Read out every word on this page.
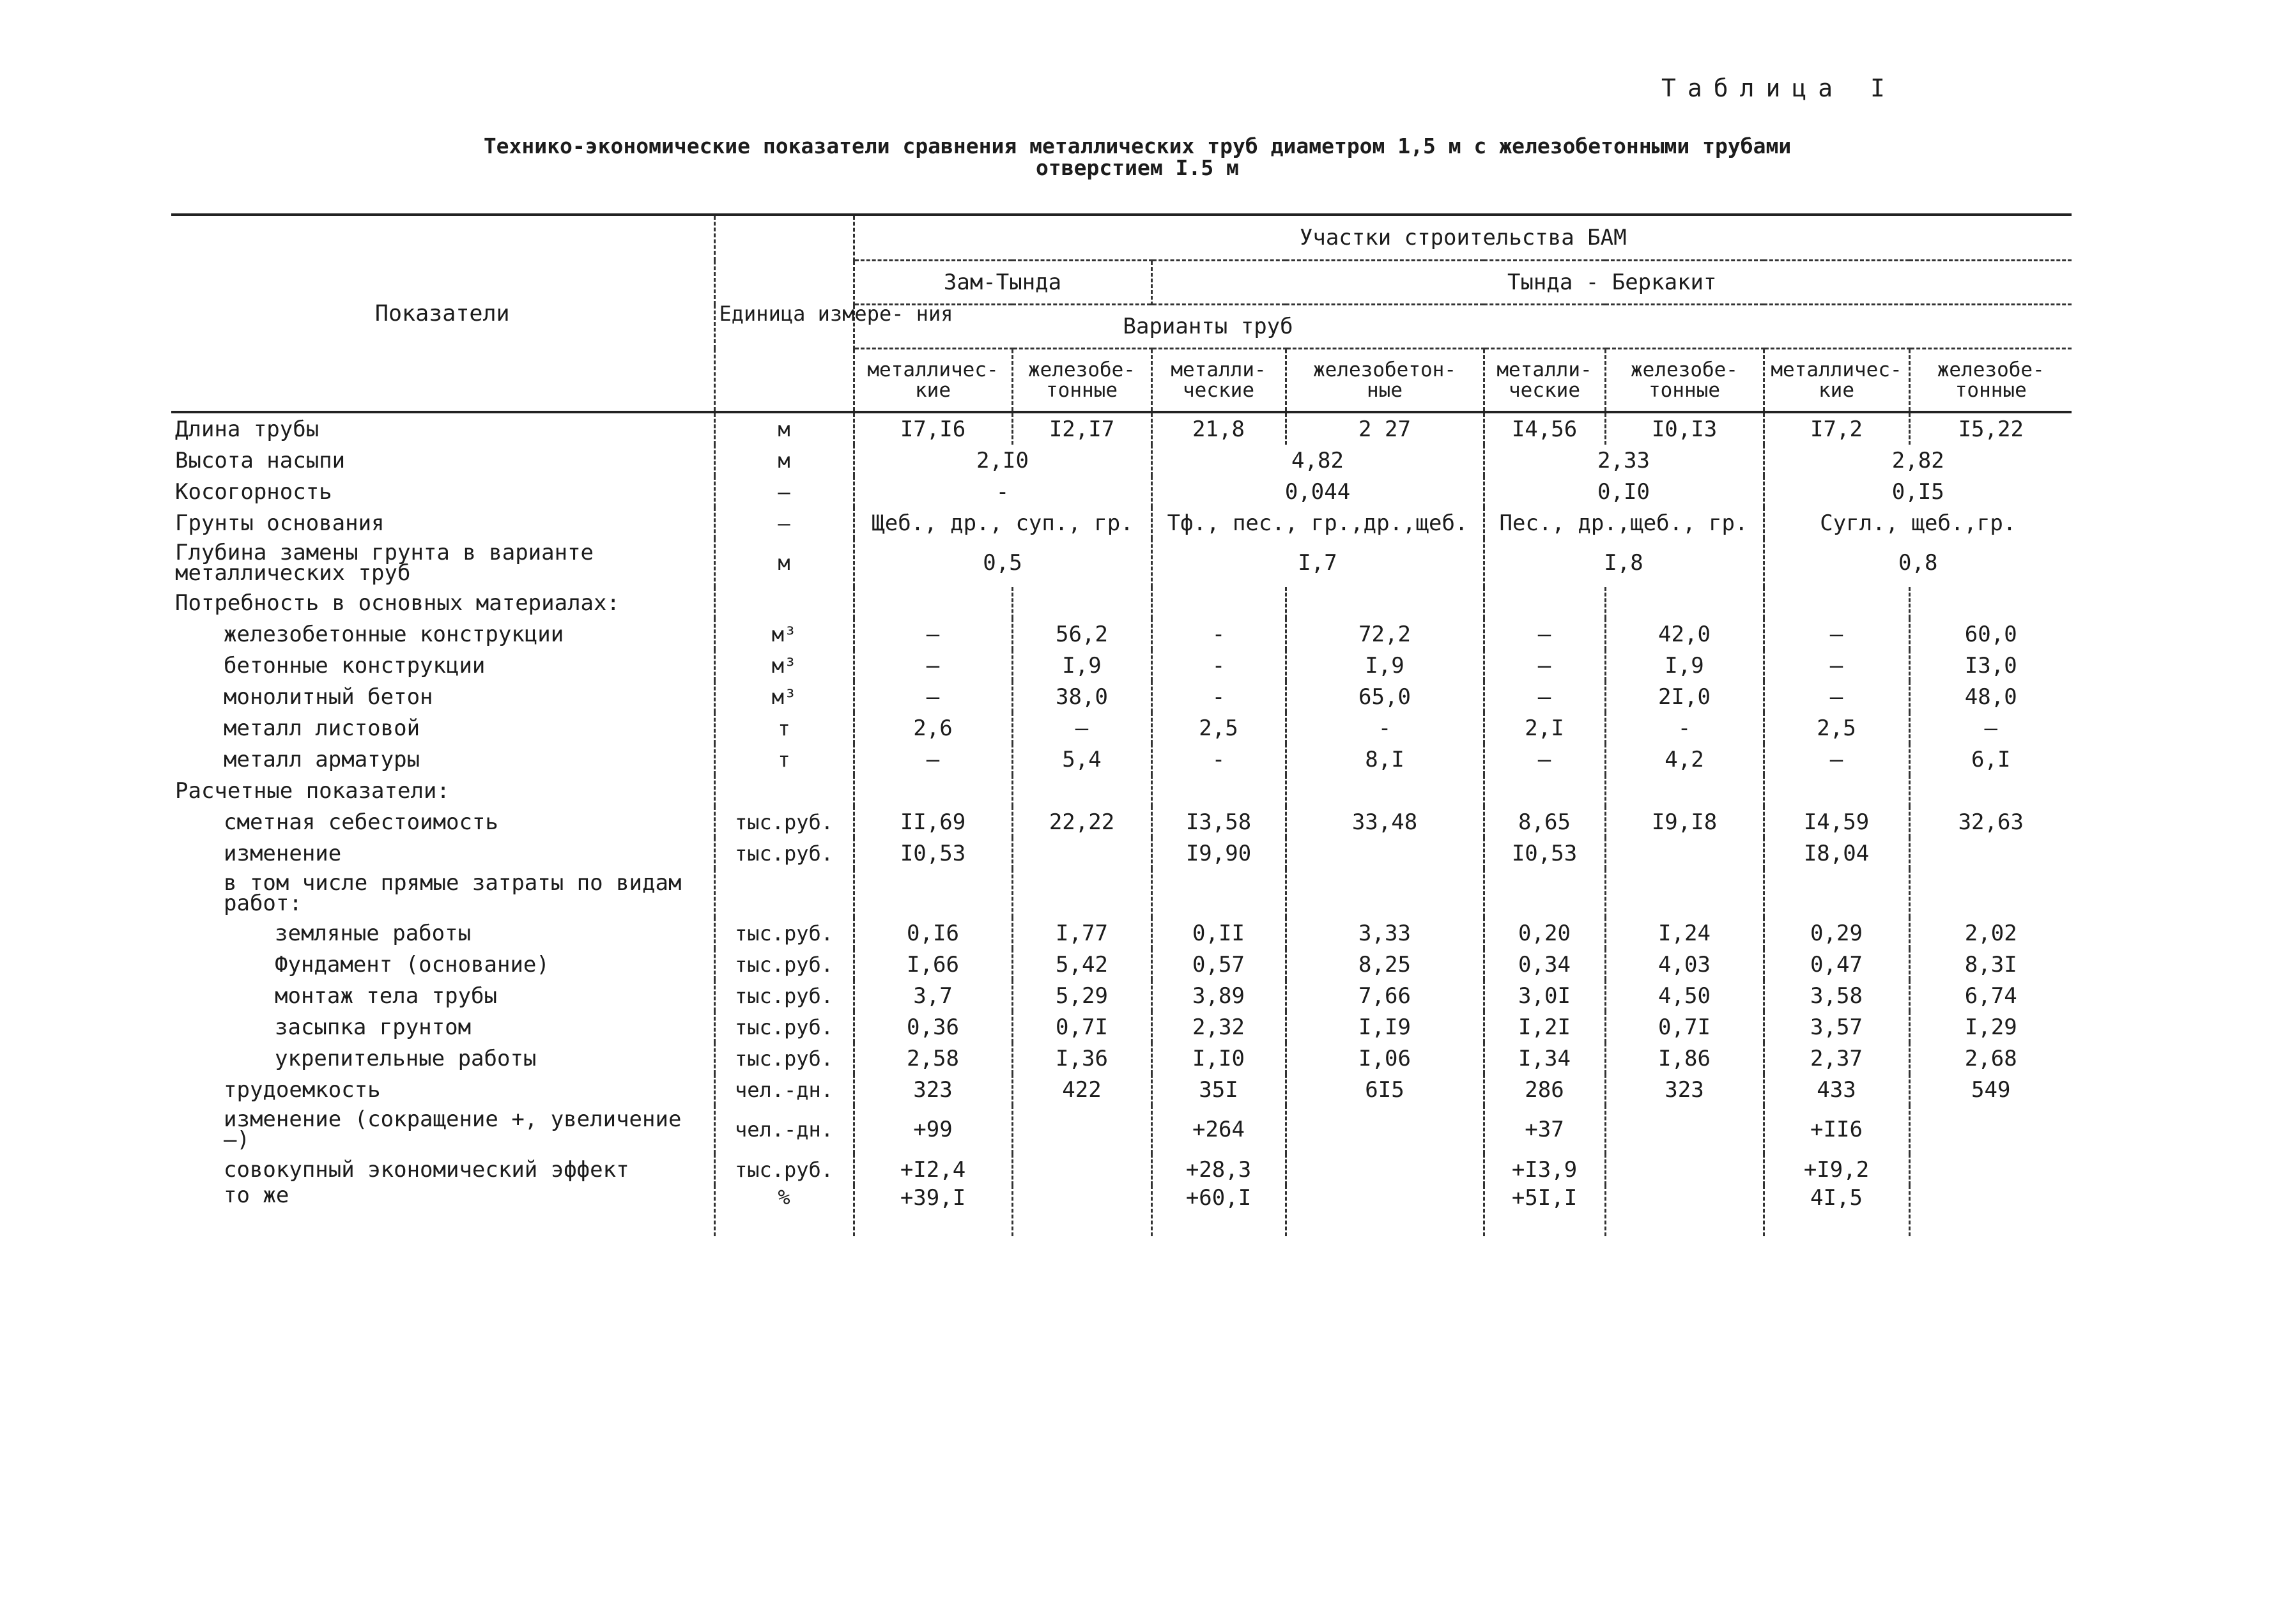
Таблица I
Технико-экономические показатели сравнения металлических труб диаметром 1,5 м с железобетонными трубами
отверстием I.5 м
Показатели	Единица измере- ния	Участки строительства БАМ							
		Зам-Тында		Тында - Беркакит					
		Варианты труб							
		металличес- кие	железобе- тонные	металли- ческие	железобетон- ные	металли- ческие	железобе- тонные	металличес- кие	железобе- тонные
Длина трубы	м	I7,I6	I2,I7	21,8	2 27	I4,56	I0,I3	I7,2	I5,22
Высота насыпи	м	2,I0		4,82		2,33		2,82	
Косогорность	–	-		0,044		0,I0		0,I5	
Грунты основания	–	Щеб., др., суп., гр.		Тф., пес., гр.,др.,щеб.		Пес., др.,щеб., гр.		Сугл., щеб.,гр.	
Глубина замены грунта в варианте металлических труб	м	0,5		I,7		I,8		0,8	
Потребность в основных материалах:									
железобетонные конструкции	м³	–	56,2	-	72,2	–	42,0	–	60,0
бетонные конструкции	м³	–	I,9	-	I,9	–	I,9	–	I3,0
монолитный бетон	м³	–	38,0	-	65,0	–	2I,0	–	48,0
металл листовой	т	2,6	–	2,5	-	2,I	-	2,5	–
металл арматуры	т	–	5,4	-	8,I	–	4,2	–	6,I
Расчетные показатели:									
сметная себестоимость	тыс.руб.	II,69	22,22	I3,58	33,48	8,65	I9,I8	I4,59	32,63
изменение	тыс.руб.	I0,53		I9,90		I0,53		I8,04	
в том числе прямые затраты по видам работ:									
земляные работы	тыс.руб.	0,I6	I,77	0,II	3,33	0,20	I,24	0,29	2,02
Фундамент (основание)	тыс.руб.	I,66	5,42	0,57	8,25	0,34	4,03	0,47	8,3I
монтаж тела трубы	тыс.руб.	3,7	5,29	3,89	7,66	3,0I	4,50	3,58	6,74
засыпка грунтом	тыс.руб.	0,36	0,7I	2,32	I,I9	I,2I	0,7I	3,57	I,29
укрепительные работы	тыс.руб.	2,58	I,36	I,I0	I,06	I,34	I,86	2,37	2,68
трудоемкость	чел.-дн.	323	422	35I	6I5	286	323	433	549
изменение (сокращение +, увеличение –)	чел.-дн.	+99		+264		+37		+II6	
совокупный экономический эффект	тыс.руб.	+I2,4		+28,3		+I3,9		+I9,2	
то же	%	+39,I		+60,I		+5I,I		4I,5	
